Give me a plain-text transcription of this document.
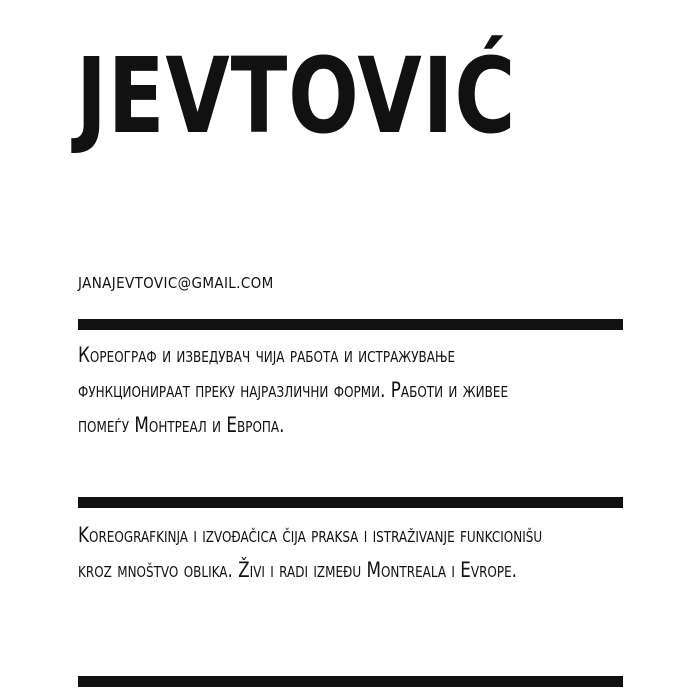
JEVTOVIĆ
JANAJEVTOVIC@GMAIL.COM

Кореограф и изведувач чија работа и истражување функционираат преку најразлични форми. Работи и живее помеѓу Монтреал и Европа.

Koreografkinja i izvođačica čija praksa i istraživanje funkcionišu kroz mnoštvo oblika. Živi i radi između Montreala i Evrope.
